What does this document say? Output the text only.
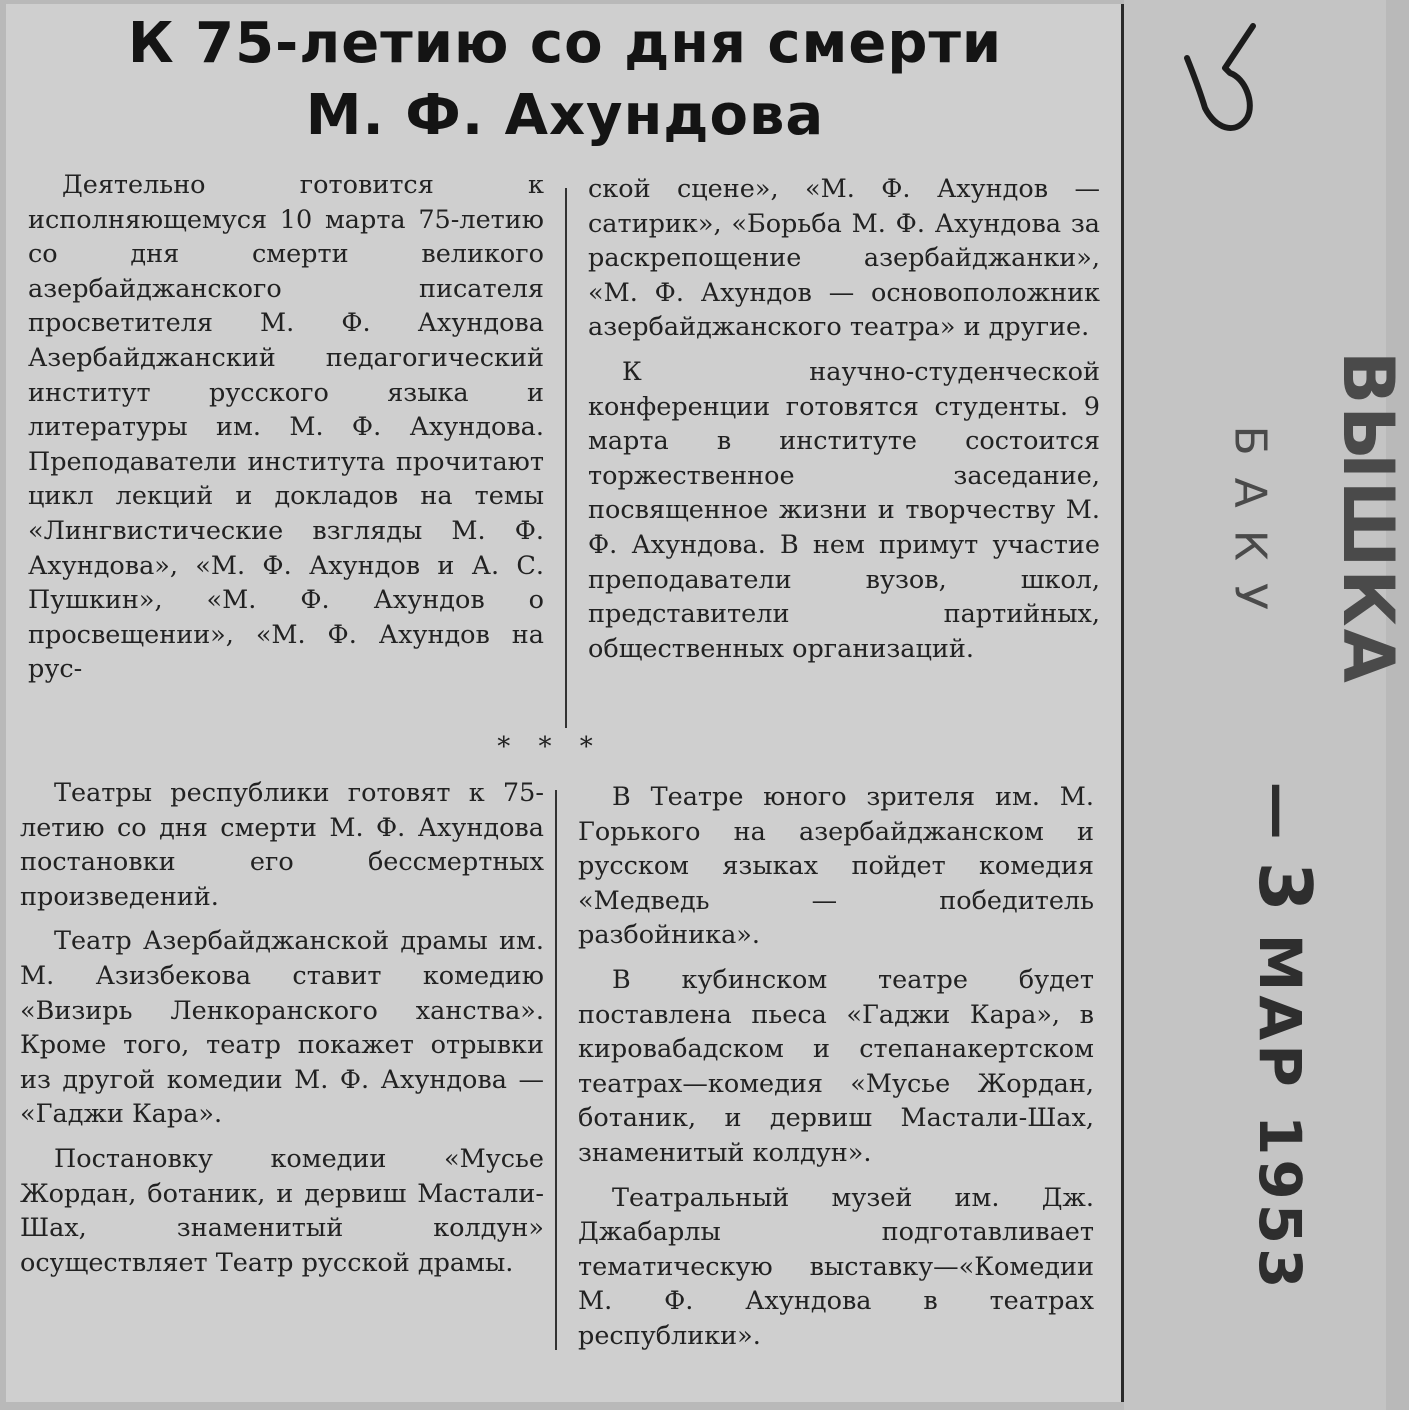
К 75-летию со дня смерти
М. Ф. Ахундова

Деятельно готовится к исполняющемуся 10 марта 75-летию со дня смерти великого азербайджанского писателя просветителя М. Ф. Ахундова Азербайджанский педагогический институт русского языка и литературы им. М. Ф. Ахундова. Преподаватели института прочитают цикл лекций и докладов на темы «Лингвистические взгляды М. Ф. Ахундова», «М. Ф. Ахундов и А. С. Пушкин», «М. Ф. Ахундов о просвещении», «М. Ф. Ахундов на рус-

ской сцене», «М. Ф. Ахундов — сатирик», «Борьба М. Ф. Ахундова за раскрепощение азербайджанки», «М. Ф. Ахундов — основоположник азербайджанского театра» и другие.

К научно-студенческой конференции готовятся студенты. 9 марта в институте состоится торжественное заседание, посвященное жизни и творчеству М. Ф. Ахундова. В нем примут участие преподаватели вузов, школ, представители партийных, общественных организаций.

* * *

Театры республики готовят к 75-летию со дня смерти М. Ф. Ахундова постановки его бессмертных произведений.

Театр Азербайджанской драмы им. М. Азизбекова ставит комедию «Визирь Ленкоранского ханства». Кроме того, театр покажет отрывки из другой комедии М. Ф. Ахундова — «Гаджи Кара».

Постановку комедии «Мусье Жордан, ботаник, и дервиш Мастали-Шах, знаменитый колдун» осуществляет Театр русской драмы.

В Театре юного зрителя им. М. Горького на азербайджанском и русском языках пойдет комедия «Медведь — победитель разбойника».

В кубинском театре будет поставлена пьеса «Гаджи Кара», в кировабадском и степанакертском театрах—комедия «Мусье Жордан, ботаник, и дервиш Мастали-Шах, знаменитый колдун».

Театральный музей им. Дж. Джабарлы подготавливает тематическую выставку—«Комедии М. Ф. Ахундова в театрах республики».

ВЫШКА
БАКУ
—3МАР 1953
